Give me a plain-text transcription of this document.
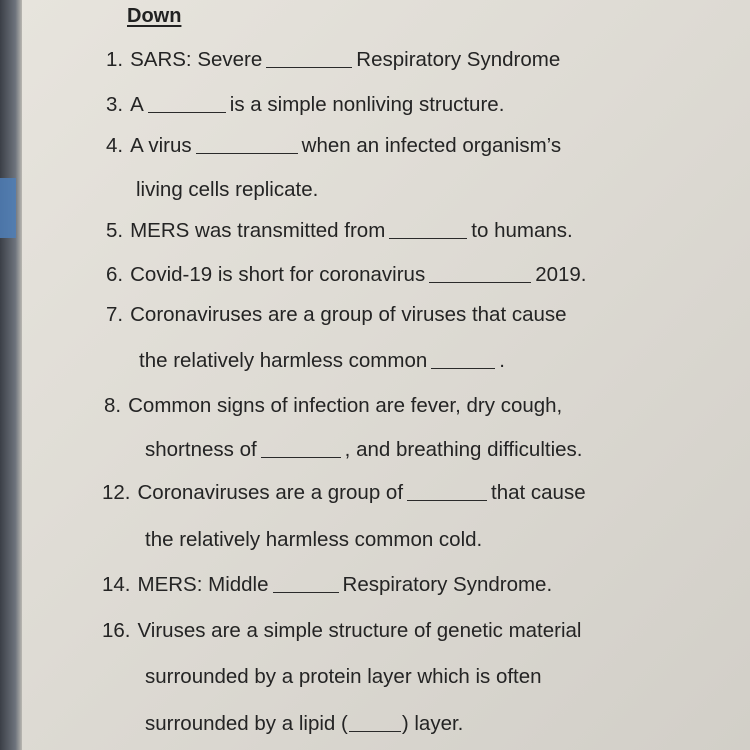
Down
1. SARS: Severe	Respiratory Syndrome
3. A	is a simple nonliving structure.
4. A virus	when an infected organism’s
living cells replicate.
5. MERS was transmitted from	to humans.
6. Covid-19 is short for coronavirus	2019.
7. Coronaviruses are a group of viruses that cause
the relatively harmless common	.
8. Common signs of infection are fever, dry cough,
shortness of	, and breathing difficulties.
12. Coronaviruses are a group of	that cause
the relatively harmless common cold.
14. MERS: Middle	Respiratory Syndrome.
16. Viruses are a simple structure of genetic material
surrounded by a protein layer which is often
surrounded by a lipid (	) layer.
